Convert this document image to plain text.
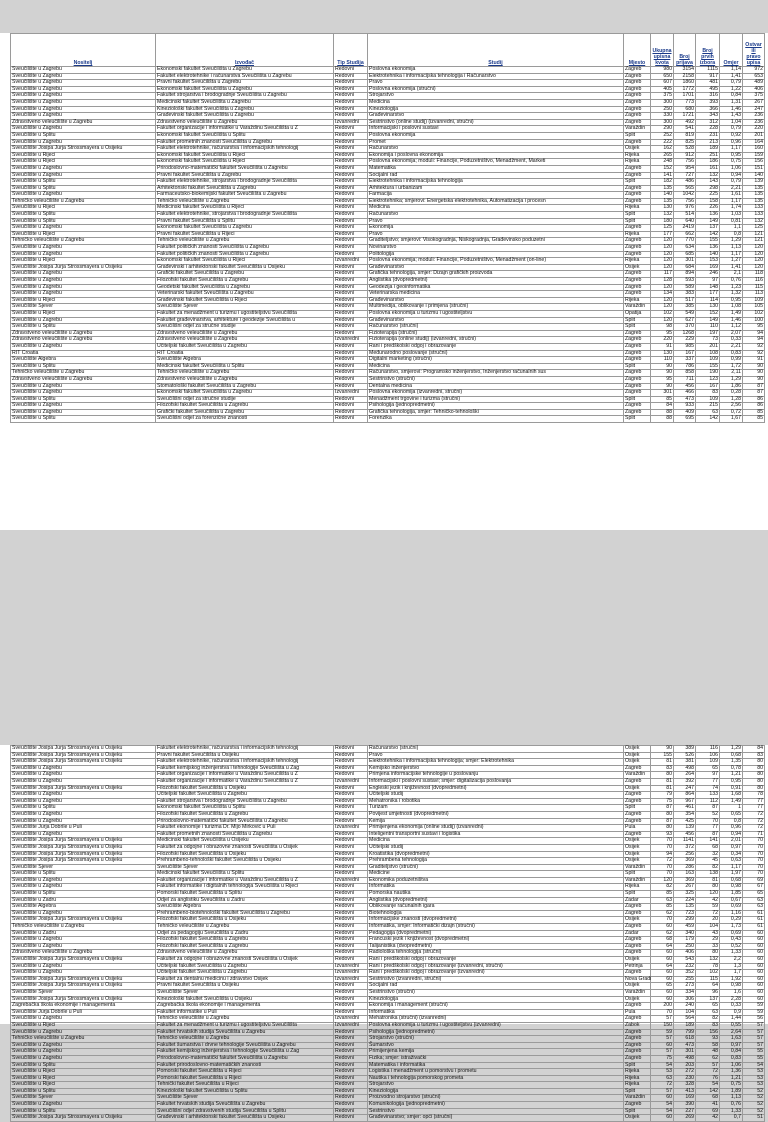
Nositelj	Izvođač	Tip Studija	Studij	Mjesto	Ukupna upisna kvota	Broj prijava	Broj prvih izbora	Omjer	Ostvar ili pravo upisa
Sveučilište u Zagrebu	Ekonomski fakultet Sveučilišta u Zagrebu	Redovni	Poslovna ekonomija	Zagreb	980	3154	1115	1,14	972
Sveučilište u Zagrebu	Fakultet elektrotehnike i računarstva Sveučilišta u Zagrebu	Redovni	Elektrotehnika i informacijska tehnologija i Računarstvo	Zagreb	650	2158	917	1,41	653
Sveučilište u Zagrebu	Pravni fakultet Sveučilišta u Zagrebu	Redovni	Pravo	Zagreb	607	1860	481	0,79	489
Sveučilište u Zagrebu	Ekonomski fakultet Sveučilišta u Zagrebu	Redovni	Poslovna ekonomija (stručni)	Zagreb	405	1772	495	1,22	406
Sveučilište u Zagrebu	Fakultet strojarstva i brodogradnje Sveučilišta u Zagrebu	Redovni	Strojarstvo	Zagreb	375	1701	316	0,84	375
Sveučilište u Zagrebu	Medicinski fakultet Sveučilišta u Zagrebu	Redovni	Medicina	Zagreb	300	773	393	1,31	267
Sveučilište u Zagrebu	Kineziološki fakultet Sveučilišta u Zagrebu	Redovni	Kineziologija	Zagreb	250	680	366	1,46	247
Sveučilište u Zagrebu	Građevinski fakultet Sveučilišta u Zagrebu	Redovni	Građevinarstvo	Zagreb	330	1721	343	1,43	236
Zdravstveno veleučilište u Zagrebu	Zdravstveno veleučilište u Zagrebu	Izvanredni	Sestrinstvo (online studij) (izvanredni, stručni)	Zagreb	300	492	312	1,04	236
Sveučilište u Zagrebu	Fakultet organizacije i informatike u Varaždinu Sveučilišta u Z	Redovni	Informacijski i poslovni sustavi	Varaždin	290	541	228	0,79	220
Sveučilište u Splitu	Ekonomski fakultet Sveučilišta u Splitu	Redovni	Poslovna ekonomija	Split	252	819	231	0,92	201
Sveučilište u Zagrebu	Fakultet prometnih znanosti Sveučilišta u Zagrebu	Redovni	Promet	Zagreb	222	825	213	0,96	164
Sveučilište Josipa Jurja Strossmayera u Osijeku	Fakultet elektrotehnike, računarstva i informacijskih tehnologij	Redovni	Računarstvo	Osijek	162	528	189	1,17	160
Sveučilište u Rijeci	Ekonomski fakultet Sveučilišta u Rijeci	Redovni	Ekonomija i poslovna ekonomija	Rijeka	265	912	251	0,95	159
Sveučilište u Rijeci	Ekonomski fakultet Sveučilišta u Rijeci	Redovni	Poslovna ekonomija; moduli: Financije, Poduzetništvo, Menadžment, Marketi	Rijeka	248	756	186	0,75	156
Sveučilište u Zagrebu	Prirodoslovno-matematički fakultet Sveučilišta u Zagrebu	Redovni	Matematika	Zagreb	152	954	161	1,06	151
Sveučilište u Zagrebu	Pravni fakultet Sveučilišta u Zagrebu	Redovni	Socijalni rad	Zagreb	141	727	132	0,94	140
Sveučilište u Splitu	Fakultet elektrotehnike, strojarstva i brodogradnje Sveučilišta	Redovni	Elektrotehnika i informacijska tehnologija	Split	182	486	143	0,79	139
Sveučilište u Splitu	Arhitektonski fakultet Sveučilišta u Zagrebu	Redovni	Arhitektura i urbanizam	Zagreb	135	565	298	2,21	135
Sveučilište u Zagrebu	Farmaceutsko-biokemijski fakultet Sveučilišta u Zagrebu	Redovni	Farmacija	Zagreb	140	1042	225	1,61	135
Tehničko veleučilište u Zagrebu	Tehničko veleučilište u Zagrebu	Redovni	Elektrotehnika; smjerovi: Energetska elektrotehnika, Automatizacija i procesn	Zagreb	135	756	158	1,17	135
Sveučilište u Rijeci	Medicinski fakultet Sveučilišta u Rijeci	Redovni	Medicina	Rijeka	130	976	226	1,74	133
Sveučilište u Splitu	Fakultet elektrotehnike, strojarstva i brodogradnje Sveučilišta	Redovni	Računarstvo	Split	132	514	136	1,03	133
Sveučilište u Splitu	Pravni fakultet Sveučilišta u Splitu	Redovni	Pravo	Split	180	640	149	0,81	132
Sveučilište u Zagrebu	Ekonomski fakultet Sveučilišta u Zagrebu	Redovni	Ekonomija	Zagreb	125	2419	137	1,1	125
Sveučilište u Rijeci	Pravni fakultet Sveučilišta u Rijeci	Redovni	Pravo	Rijeka	177	662	142	0,8	121
Tehničko veleučilište u Zagrebu	Tehničko veleučilište u Zagrebu	Redovni	Graditeljstvo; smjerovi: Visokogradnja, Niskogradnja, Građevinsko poduzetni	Zagreb	120	770	155	1,29	121
Sveučilište u Zagrebu	Fakultet političkih znanosti Sveučilišta u Zagrebu	Redovni	Novinarstvo	Zagreb	120	634	136	1,13	120
Sveučilište u Zagrebu	Fakultet političkih znanosti Sveučilišta u Zagrebu	Redovni	Politologija	Zagreb	120	685	140	1,17	120
Sveučilište u Rijeci	Ekonomski fakultet Sveučilišta u Rijeci	Izvanredni	Poslovna ekonomija; moduli: Financije, Poduzetništvo, Menadžment (on-line)	Rijeka	120	301	153	1,27	120
Sveučilište Josipa Jurja Strossmayera u Osijeku	Građevinski i arhitektonski fakultet Sveučilišta u Osijeku	Redovni	Građevinarstvo	Osijek	120	684	169	1,41	120
Sveučilište u Zagrebu	Grafički fakultet Sveučilišta u Zagrebu	Redovni	Grafička tehnologija, smjer: Dizajn grafičkih proizvoda	Zagreb	117	894	246	2,1	118
Sveučilište u Zagrebu	Filozofski fakultet Sveučilišta u Zagrebu	Redovni	Anglistika (dvopredmetni)	Zagreb	128	593	97	0,76	116
Sveučilište u Zagrebu	Geodetski fakultet Sveučilišta u Zagrebu	Redovni	Geodezija i geoinformatika	Zagreb	120	589	148	1,23	115
Sveučilište u Zagrebu	Veterinarski fakultet Sveučilišta u Zagrebu	Redovni	Veterinarska medicina	Zagreb	134	383	177	1,32	113
Sveučilište u Rijeci	Građevinski fakultet Sveučilišta u Rijeci	Redovni	Građevinarstvo	Rijeka	120	517	114	0,95	109
Sveučilište Sjever	Sveučilište Sjever	Redovni	Multimedija, oblikovanje i primjena (stručni)	Varaždin	120	385	130	1,08	105
Sveučilište u Rijeci	Fakultet za menadžment u turizmu i ugostiteljstvu Sveučilišta	Redovni	Poslovna ekonomija u turizmu i ugostiteljstvu	Opatija	102	549	152	1,49	102
Sveučilište u Zagrebu	Fakultet građevinarstva, arhitekture i geodezije Sveučilišta u	Redovni	Građevinarstvo	Split	120	627	149	1,46	100
Sveučilište u Splitu	Sveučilišni odjel za stručne studije	Redovni	Računarstvo (stručni)	Split	98	370	110	1,12	95
Zdravstveno veleučilište u Zagrebu	Zdravstveno veleučilište u Zagrebu	Redovni	Fizioterapija (stručni)	Zagreb	95	1268	197	2,07	94
Zdravstveno veleučilište u Zagrebu	Zdravstveno veleučilište u Zagrebu	Izvanredni	Fizioterapija (online studij) (izvanredni, stručni)	Zagreb	220	229	73	0,33	94
Sveučilište u Zagrebu	Učiteljski fakultet Sveučilišta u Zagrebu	Redovni	Rani i predškolski odgoj i obrazovanje	Zagreb	91	985	201	2,21	92
RIT Croatia	RIT Croatia	Redovni	Međunarodno poslovanje (stručni)	Zagreb	130	167	108	0,83	92
Sveučilište Algebra	Sveučilište Algebra	Redovni	Digitalni marketing (stručni)	Zagreb	110	337	109	0,99	91
Sveučilište u Splitu	Medicinski fakultet Sveučilišta u Splitu	Redovni	Medicina	Split	90	786	155	1,72	90
Tehničko veleučilište u Zagrebu	Tehničko veleučilište u Zagrebu	Redovni	Računarstvo, smjerovi: Programsko inženjerstvo, Inženjerstvo računalnih sus	Zagreb	90	858	190	2,11	90
Zdravstveno veleučilište u Zagrebu	Zdravstveno veleučilište u Zagrebu	Redovni	Sestrinstvo (stručni)	Zagreb	95	711	123	1,29	90
Sveučilište u Zagrebu	Stomatološki fakultet Sveučilišta u Zagrebu	Redovni	Dentalna medicina	Zagreb	90	456	167	1,86	87
Sveučilište u Zagrebu	Ekonomski fakultet Sveučilišta u Zagrebu	Izvanredni	Poslovna ekonomija (izvanredni, stručni)	Zagreb	301	466	83	0,28	87
Sveučilište u Splitu	Sveučilišni odjel za stručne studije	Redovni	Menadžment trgovine i turizma (stručni)	Split	85	473	109	1,28	86
Sveučilište u Zagrebu	Filozofski fakultet Sveučilišta u Zagrebu	Redovni	Psihologija (jednopredmetni)	Zagreb	84	933	215	2,56	86
Sveučilište u Zagrebu	Grafički fakultet Sveučilišta u Zagrebu	Redovni	Grafička tehnologija, smjer: Tehničko-tehnološki	Zagreb	88	409	63	0,72	85
Sveučilište u Splitu	Sveučilišni odjel za forenzične znanosti	Redovni	Forenzika	Split	88	695	142	1,67	85
Sveučilište Josipa Jurja Strossmayera u Osijeku	Fakultet elektrotehnike, računarstva i informacijskih tehnologij	Redovni	Računarstvo (stručni)	Osijek	90	389	116	1,29	84
Sveučilište Josipa Jurja Strossmayera u Osijeku	Pravni fakultet Sveučilišta u Osijeku	Redovni	Pravo	Osijek	155	526	106	0,68	83
Sveučilište Josipa Jurja Strossmayera u Osijeku	Fakultet elektrotehnike, računarstva i informacijskih tehnologij	Redovni	Elektrotehnika i informacijska tehnologija; smjer: Elektrotehnika	Osijek	81	381	109	1,35	80
Sveučilište u Zagrebu	Fakultet kemijskog inženjerstva i tehnologije Sveučilišta u Zag	Redovni	Kemijsko inženjerstvo	Zagreb	83	498	65	0,78	80
Sveučilište u Zagrebu	Fakultet organizacije i informatike u Varaždinu Sveučilišta u Z	Redovni	Primjena informacijske tehnologije u poslovanju	Varaždin	80	264	97	1,21	80
Sveučilište u Zagrebu	Fakultet organizacije i informatike u Varaždinu Sveučilišta u Z	Izvanredni	Informacijski i poslovni sustavi; smjer: digitalizacija poslovanja	Zagreb	81	392	77	0,95	80
Sveučilište Josipa Jurja Strossmayera u Osijeku	Filozofski fakultet Sveučilišta u Osijeku	Redovni	Engleski jezik i književnost (dvopredmetni)	Osijek	81	247	74	0,91	80
Sveučilište u Zagrebu	Učiteljski fakultet Sveučilišta u Zagrebu	Redovni	Učiteljski studij	Zagreb	79	864	133	1,68	78
Sveučilište u Zagrebu	Fakultet strojarstva i brodogradnje Sveučilišta u Zagrebu	Redovni	Mehatronika i robotika	Zagreb	75	967	112	1,49	77
Sveučilište u Splitu	Ekonomski fakultet Sveučilišta u Splitu	Redovni	Turizam	Split	87	461	87	1	77
Sveučilište u Zagrebu	Filozofski fakultet Sveučilišta u Zagrebu	Redovni	Povijest umjetnosti (dvopredmetni)	Zagreb	80	354	52	0,65	72
Sveučilište u Zagrebu	Prirodoslovno-matematički fakultet Sveučilišta u Zagrebu	Redovni	Kemija	Zagreb	87	425	70	0,8	72
Sveučilište Jurja Dobrile u Puli	Fakultet ekonomije i turizma Dr. Mijo Mirković u Puli	Izvanredni	Primijenjena ekonomija (online studij) (izvanredni)	Pula	80	139	77	0,96	72
Sveučilište u Zagrebu	Fakultet prometnih znanosti Sveučilišta u Zagrebu	Redovni	Inteligentni transportni sustavi i logistika	Zagreb	93	456	87	0,94	71
Sveučilište Josipa Jurja Strossmayera u Osijeku	Medicinski fakultet Sveučilišta u Osijeku	Redovni	Medicina	Osijek	70	1141	141	2,01	70
Sveučilište Josipa Jurja Strossmayera u Osijeku	Fakultet za odgojne i obrazovne znanosti Sveučilišta u Osijek	Redovni	Učiteljski studij	Osijek	70	372	68	0,97	70
Sveučilište Josipa Jurja Strossmayera u Osijeku	Filozofski fakultet Sveučilišta u Osijeku	Redovni	Kroatistika (dvopredmetni)	Osijek	94	256	32	0,34	70
Sveučilište Josipa Jurja Strossmayera u Osijeku	Prehrambeno-tehnološki fakultet Sveučilišta u Osijeku	Redovni	Prehrambena tehnologija	Osijek	72	369	45	0,63	70
Sveučilište Sjever	Sveučilište Sjever	Redovni	Graditeljstvo (stručni)	Varaždin	70	286	82	1,17	70
Sveučilište u Splitu	Medicinski fakultet Sveučilišta u Splitu	Redovni	Medicine	Split	70	163	138	1,97	70
Sveučilište u Zagrebu	Fakultet organizacije i informatike u Varaždinu Sveučilišta u Z	Izvanredni	Ekonomika poduzetništva	Varaždin	120	369	81	0,68	69
Sveučilište u Zagrebu	Fakultet informatike i digitalnih tehnologija Sveučilišta u Rijeci	Redovni	Informatika	Rijeka	82	267	80	0,98	67
Sveučilište u Splitu	Pomorski fakultet Sveučilišta u Splitu	Redovni	Pomorska nautika	Split	85	325	120	1,85	65
Sveučilište u Zadru	Odjel za anglistiku Sveučilišta u Zadru	Redovni	Anglistika (dvopredmetni)	Zadar	63	224	42	0,67	63
Sveučilište Algebra	Sveučilište Algebra	Redovni	Oblikovanje računalnih igara	Zagreb	85	135	59	0,69	63
Sveučilište u Zagrebu	Prehrambeno-biotehnološki fakultet Sveučilišta u Zagrebu	Redovni	Biotehnologija	Zagreb	62	723	72	1,16	61
Sveučilište Josipa Jurja Strossmayera u Osijeku	Filozofski fakultet Sveučilišta u Osijeku	Redovni	Informacijske znanosti (dvopredmetni)	Osijek	70	299	20	0,29	61
Tehničko veleučilište u Zagrebu	Tehničko veleučilište u Zagrebu	Redovni	Informatika, smjer: Informatički dizajn (stručni)	Zagreb	60	459	104	1,73	61
Sveučilište u Zadru	Odjel za pedagogiju Sveučilišta u Zadru	Redovni	Pedagogija (dvopredmetni)	Zadar	62	340	43	0,69	60
Sveučilište u Zagrebu	Filozofski fakultet Sveučilišta u Zagrebu	Redovni	Francuski jezik i književnost (dvopredmetni)	Zagreb	68	179	29	0,43	60
Sveučilište u Zagrebu	Filozofski fakultet Sveučilišta u Zagrebu	Redovni	Talijanistika (dvopredmetni)	Zagreb	64	250	33	0,52	60
Zdravstveno veleučilište u Zagrebu	Zdravstveno veleučilište u Zagrebu	Redovni	Radiološka tehnologija (stručni)	Zagreb	60	406	80	1,33	60
Sveučilište Josipa Jurja Strossmayera u Osijeku	Fakultet za odgojne i obrazovne znanosti Sveučilišta u Osijek	Redovni	Rani i predškolski odgoj i obrazovanje	Osijek	60	543	132	2,2	60
Sveučilište u Zagrebu	Učiteljski fakultet Sveučilišta u Zagrebu	Izvanredni	Rani i predškolski odgoj i obrazovanje (izvanredni, stručni)	Petrinja	64	232	78	1,3	60
Sveučilište u Zagrebu	Učiteljski fakultet Sveučilišta u Zagrebu	Izvanredni	Rani i predškolski odgoj i obrazovanje (izvanredni)	Zagreb	60	352	102	1,7	60
Sveučilište Josipa Jurja Strossmayera u Osijeku	Fakultet za dentalnu medicinu i zdravstvo Osijek	Izvanredni	Sestrinstvo (izvanredni, stručni)	Nova Gradi	60	255	115	1,92	60
Sveučilište Josipa Jurja Strossmayera u Osijeku	Pravni fakultet Sveučilišta u Osijeku	Redovni	Socijalni rad	Osijek	65	273	64	0,98	60
Sveučilište Sjever	Sveučilište Sjever	Redovni	Sestrinstvo (stručni)	Varaždin	60	334	96	1,6	60
Sveučilište Josipa Jurja Strossmayera u Osijeku	Kineziološki fakultet Sveučilišta u Osijeku	Redovni	Kineziologija	Osijek	60	306	137	2,28	60
Zagrebačka škola ekonomije i managementa	Zagrebačka škola ekonomije i managementa	Redovni	Ekonomija i management (stručni)	Zagreb	200	240	65	0,33	59
Sveučilište Jurja Dobrile u Puli	Fakultet informatike u Puli	Redovni	Informatika	Pula	70	104	63	0,9	59
Sveučilište u Zagrebu	Tehničko veleučilište u Zagrebu	Izvanredni	Mehatronika (stručni) (izvanredni)	Zagreb	57	564	82	1,44	56
Sveučilište u Rijeci	Fakultet za menadžment u turizmu i ugostiteljstvu Sveučilišta	Izvanredni	Poslovna ekonomija u turizmu i ugostiteljstvu (izvanredni)	Zabok	150	189	83	0,55	57
Sveučilište u Zagrebu	Fakultet hrvatskih studija Sveučilišta u Zagrebu	Redovni	Psihologija (jednopredmetni)	Zagreb	59	799	156	2,64	57
Tehničko veleučilište u Zagrebu	Tehničko veleučilište u Zagrebu	Redovni	Strojarstvo (stručni)	Zagreb	57	618	93	1,63	57
Sveučilište u Zagrebu	Fakultet šumarstva i drvne tehnologije Sveučilišta u Zagrebu	Redovni	Šumarstvo	Zagreb	60	473	58	0,97	57
Sveučilište u Zagrebu	Fakultet kemijskog inženjerstva i tehnologije Sveučilišta u Zag	Redovni	Primijenjena kemija	Zagreb	57	301	48	0,84	55
Sveučilište u Zagrebu	Prirodoslovno-matematički fakultet Sveučilišta u Zagrebu	Redovni	Fizika; smjer: istraživački	Zagreb	75	498	62	0,83	55
Sveučilište u Splitu	Fakultet prirodoslovno-matematičkih znanosti	Redovni	Matematika i informatika	Split	54	203	57	1,06	54
Sveučilište u Rijeci	Pomorski fakultet Sveučilišta u Rijeci	Redovni	Logistika i menadžment u pomorstvu i prometu	Rijeka	53	272	72	1,36	53
Sveučilište u Rijeci	Pomorski fakultet Sveučilišta u Rijeci	Redovni	Nautika i tehnologija pomorskog prometa	Rijeka	63	230	76	1,21	53
Sveučilište u Rijeci	Tehnički fakultet Sveučilišta u Rijeci	Redovni	Strojarstvo	Rijeka	72	328	54	0,75	53
Sveučilište u Splitu	Kineziološki fakultet Sveučilišta u Splitu	Redovni	Kineziologija	Split	57	413	142	1,89	52
Sveučilište Sjever	Sveučilište Sjever	Redovni	Proizvodno strojarstvo (stručni)	Varaždin	60	169	68	1,13	52
Sveučilište u Zagrebu	Fakultet hrvatskih studija Sveučilišta u Zagrebu	Redovni	Komunikologija (jednopredmetni)	Zagreb	54	390	41	0,76	52
Sveučilište u Splitu	Sveučilišni odjel zdravstvenih studija Sveučilišta u Splitu	Redovni	Sestrinstvo	Split	54	227	69	1,33	52
Sveučilište Josipa Jurja Strossmayera u Osijeku	Građevinski i arhitektonski fakultet Sveučilišta u Osijeku	Redovni	Građevinarstvo; smjer: opći (stručni)	Osijek	60	269	42	0,7	51
